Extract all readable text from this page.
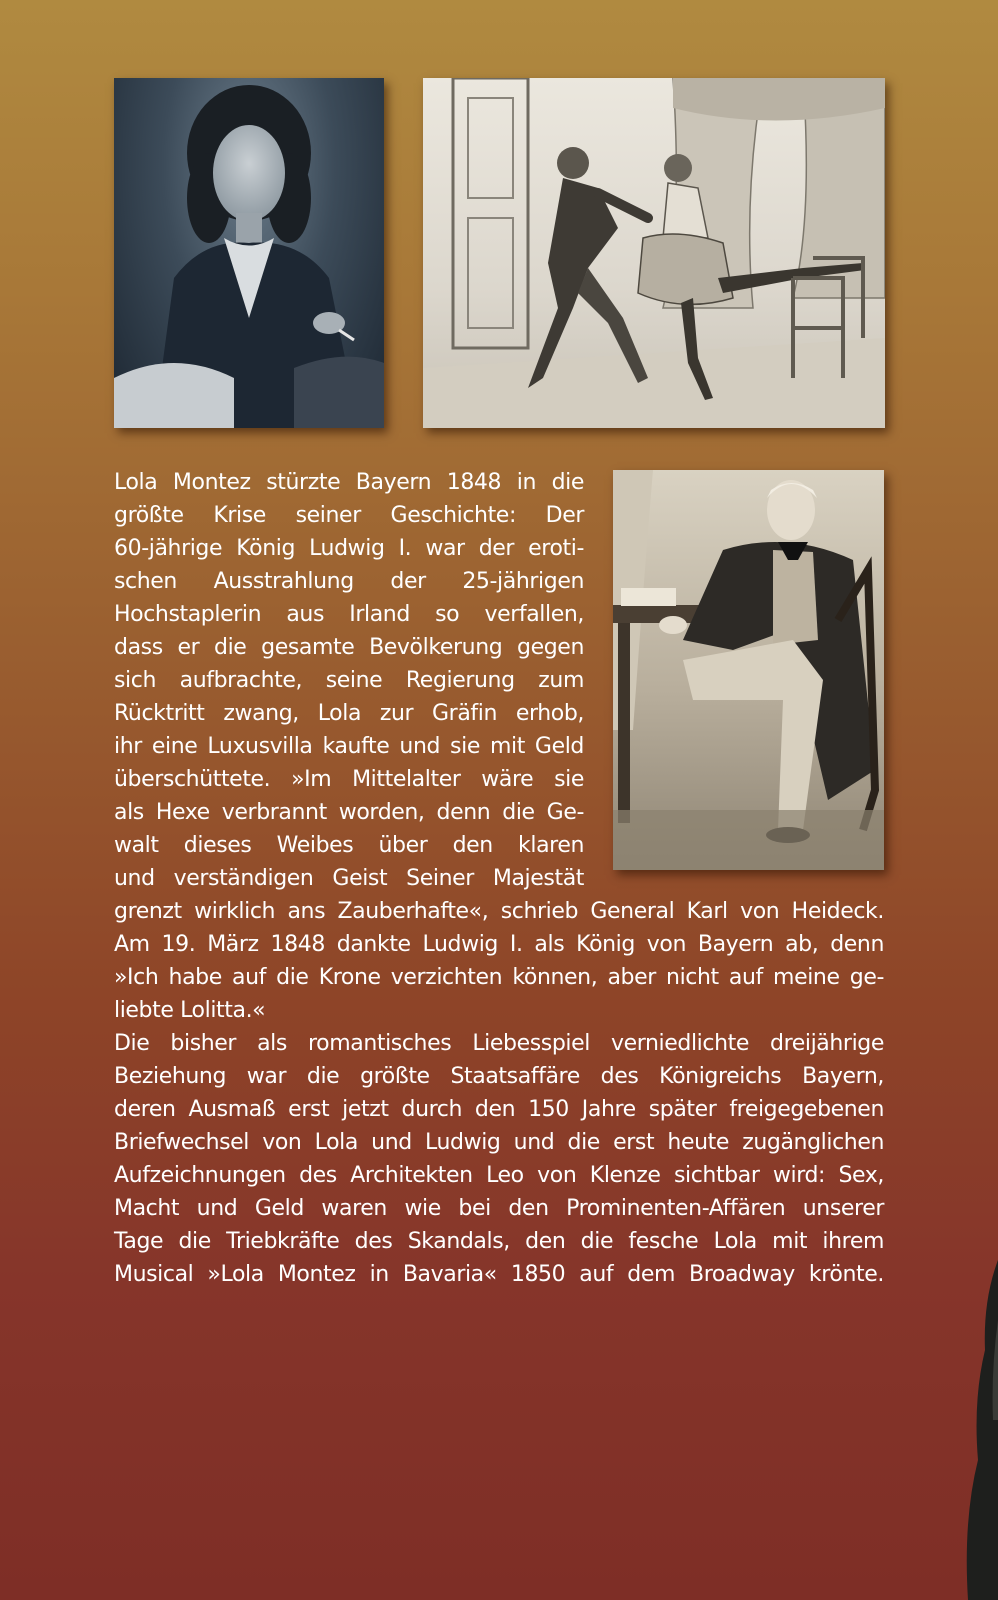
Lola Montez stürzte Bayern 1848 in die
größte Krise seiner Geschichte: Der
60-jährige König Ludwig I. war der eroti-
schen Ausstrahlung der 25-jährigen
Hochstaplerin aus Irland so verfallen,
dass er die gesamte Bevölkerung gegen
sich aufbrachte, seine Regierung zum
Rücktritt zwang, Lola zur Gräfin erhob,
ihr eine Luxusvilla kaufte und sie mit Geld
überschüttete. »Im Mittelalter wäre sie
als Hexe verbrannt worden, denn die Ge-
walt dieses Weibes über den klaren
und verständigen Geist Seiner Majestät
grenzt wirklich ans Zauberhafte«, schrieb General Karl von Heideck.
Am 19. März 1848 dankte Ludwig I. als König von Bayern ab, denn
»Ich habe auf die Krone verzichten können, aber nicht auf meine ge-
liebte Lolitta.«
Die bisher als romantisches Liebesspiel verniedlichte dreijährige
Beziehung war die größte Staatsaffäre des Königreichs Bayern,
deren Ausmaß erst jetzt durch den 150 Jahre später freigegebenen
Briefwechsel von Lola und Ludwig und die erst heute zugänglichen
Aufzeichnungen des Architekten Leo von Klenze sichtbar wird: Sex,
Macht und Geld waren wie bei den Prominenten-Affären unserer
Tage die Triebkräfte des Skandals, den die fesche Lola mit ihrem
Musical »Lola Montez in Bavaria« 1850 auf dem Broadway krönte.
